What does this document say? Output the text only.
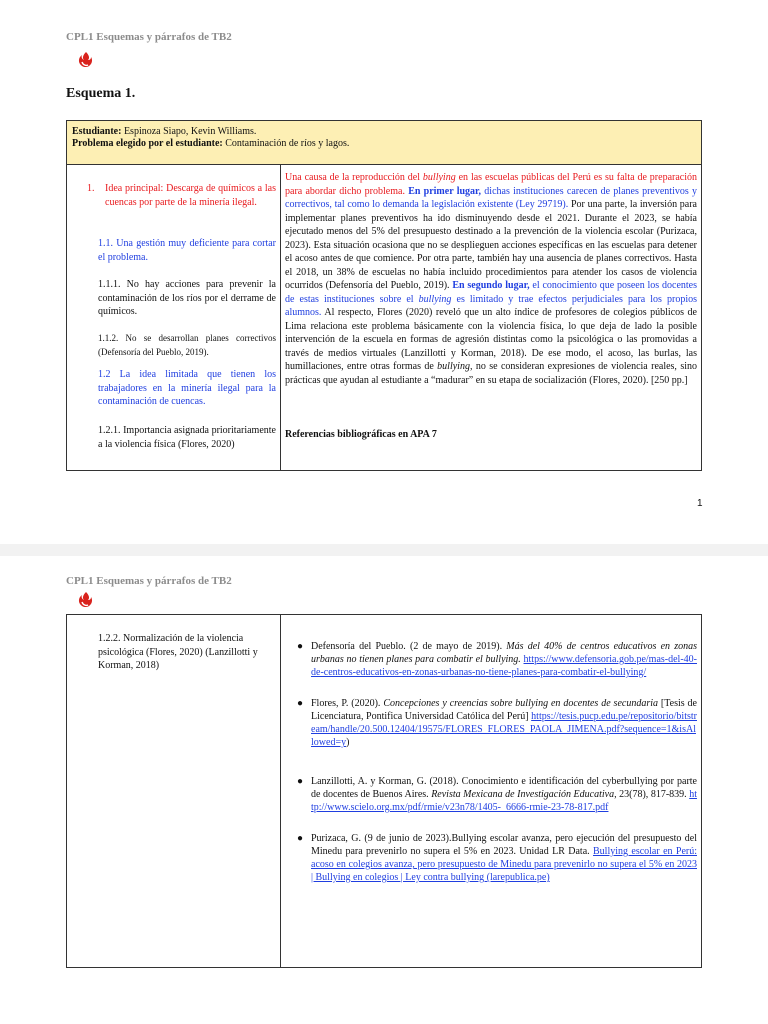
CPL1 Esquemas y párrafos de TB2
Esquema 1.
Estudiante: Espinoza Siapo, Kevin Williams.
Problema elegido por el estudiante: Contaminación de ríos y lagos.
1. Idea principal: Descarga de químicos a las cuencas por parte de la minería ilegal.
1.1. Una gestión muy deficiente para cortar el problema.
1.1.1. No hay acciones para prevenir la contaminación de los ríos por el derrame de químicos.
1.1.2. No se desarrollan planes correctivos (Defensoría del Pueblo, 2019).
1.2 La idea limitada que tienen los trabajadores en la minería ilegal para la contaminación de cuencas.
1.2.1. Importancia asignada prioritariamente a la violencia física (Flores, 2020)
Una causa de la reproducción del bullying en las escuelas públicas del Perú es su falta de preparación para abordar dicho problema. En primer lugar, dichas instituciones carecen de planes preventivos y correctivos, tal como lo demanda la legislación existente (Ley 29719). Por una parte, la inversión para implementar planes preventivos ha ido disminuyendo desde el 2021. Durante el 2023, se había ejecutado menos del 5% del presupuesto destinado a la prevención de la violencia escolar (Purizaca, 2023). Esta situación ocasiona que no se desplieguen acciones específicas en las escuelas para detener el acoso antes de que comience. Por otra parte, también hay una ausencia de planes correctivos. Hasta el 2018, un 38% de escuelas no había incluido procedimientos para atender los casos de violencia ocurridos (Defensoría del Pueblo, 2019). En segundo lugar, el conocimiento que poseen los docentes de estas instituciones sobre el bullying es limitado y trae efectos perjudiciales para los propios alumnos. Al respecto, Flores (2020) reveló que un alto índice de profesores de colegios públicos de Lima relaciona este problema básicamente con la violencia física, lo que deja de lado la posible intervención de la escuela en formas de agresión distintas como la psicológica o las promovidas a través de medios virtuales (Lanzillotti y Korman, 2018). De ese modo, el acoso, las burlas, las humillaciones, entre otras formas de bullying, no se consideran expresiones de violencia reales, sino prácticas que ayudan al estudiante a “madurar” en su etapa de socialización (Flores, 2020). [250 pp.]
Referencias bibliográficas en APA 7
1
CPL1 Esquemas y párrafos de TB2
1.2.2. Normalización de la violencia psicológica (Flores, 2020) (Lanzillotti y Korman, 2018)
● Defensoría del Pueblo. (2 de mayo de 2019). Más del 40% de centros educativos en zonas urbanas no tienen planes para combatir el bullying. https://www.defensoria.gob.pe/mas-del-40-de-centros-educativos-en-zonas-urbanas-no-tiene-planes-para-combatir-el-bullying/
● Flores, P. (2020). Concepciones y creencias sobre bullying en docentes de secundaria [Tesis de Licenciatura, Pontifica Universidad Católica del Perú] https://tesis.pucp.edu.pe/repositorio/bitstream/handle/20.500.12404/19575/FLORES_FLORES_PAOLA_JIMENA.pdf?sequence=1&isAllowed=y)
● Lanzillotti, A. y Korman, G. (2018). Conocimiento e identificación del cyberbullying por parte de docentes de Buenos Aires. Revista Mexicana de Investigación Educativa, 23(78), 817-839. http://www.scielo.org.mx/pdf/rmie/v23n78/1405-_6666-rmie-23-78-817.pdf
● Purizaca, G. (9 de junio de 2023).Bullying escolar avanza, pero ejecución del presupuesto del Minedu para prevenirlo no supera el 5% en 2023. Unidad LR Data. Bullying escolar en Perú: acoso en colegios avanza, pero presupuesto de Minedu para prevenirlo no supera el 5% en 2023 | Bullying en colegios | Ley contra bullying (larepublica.pe)
